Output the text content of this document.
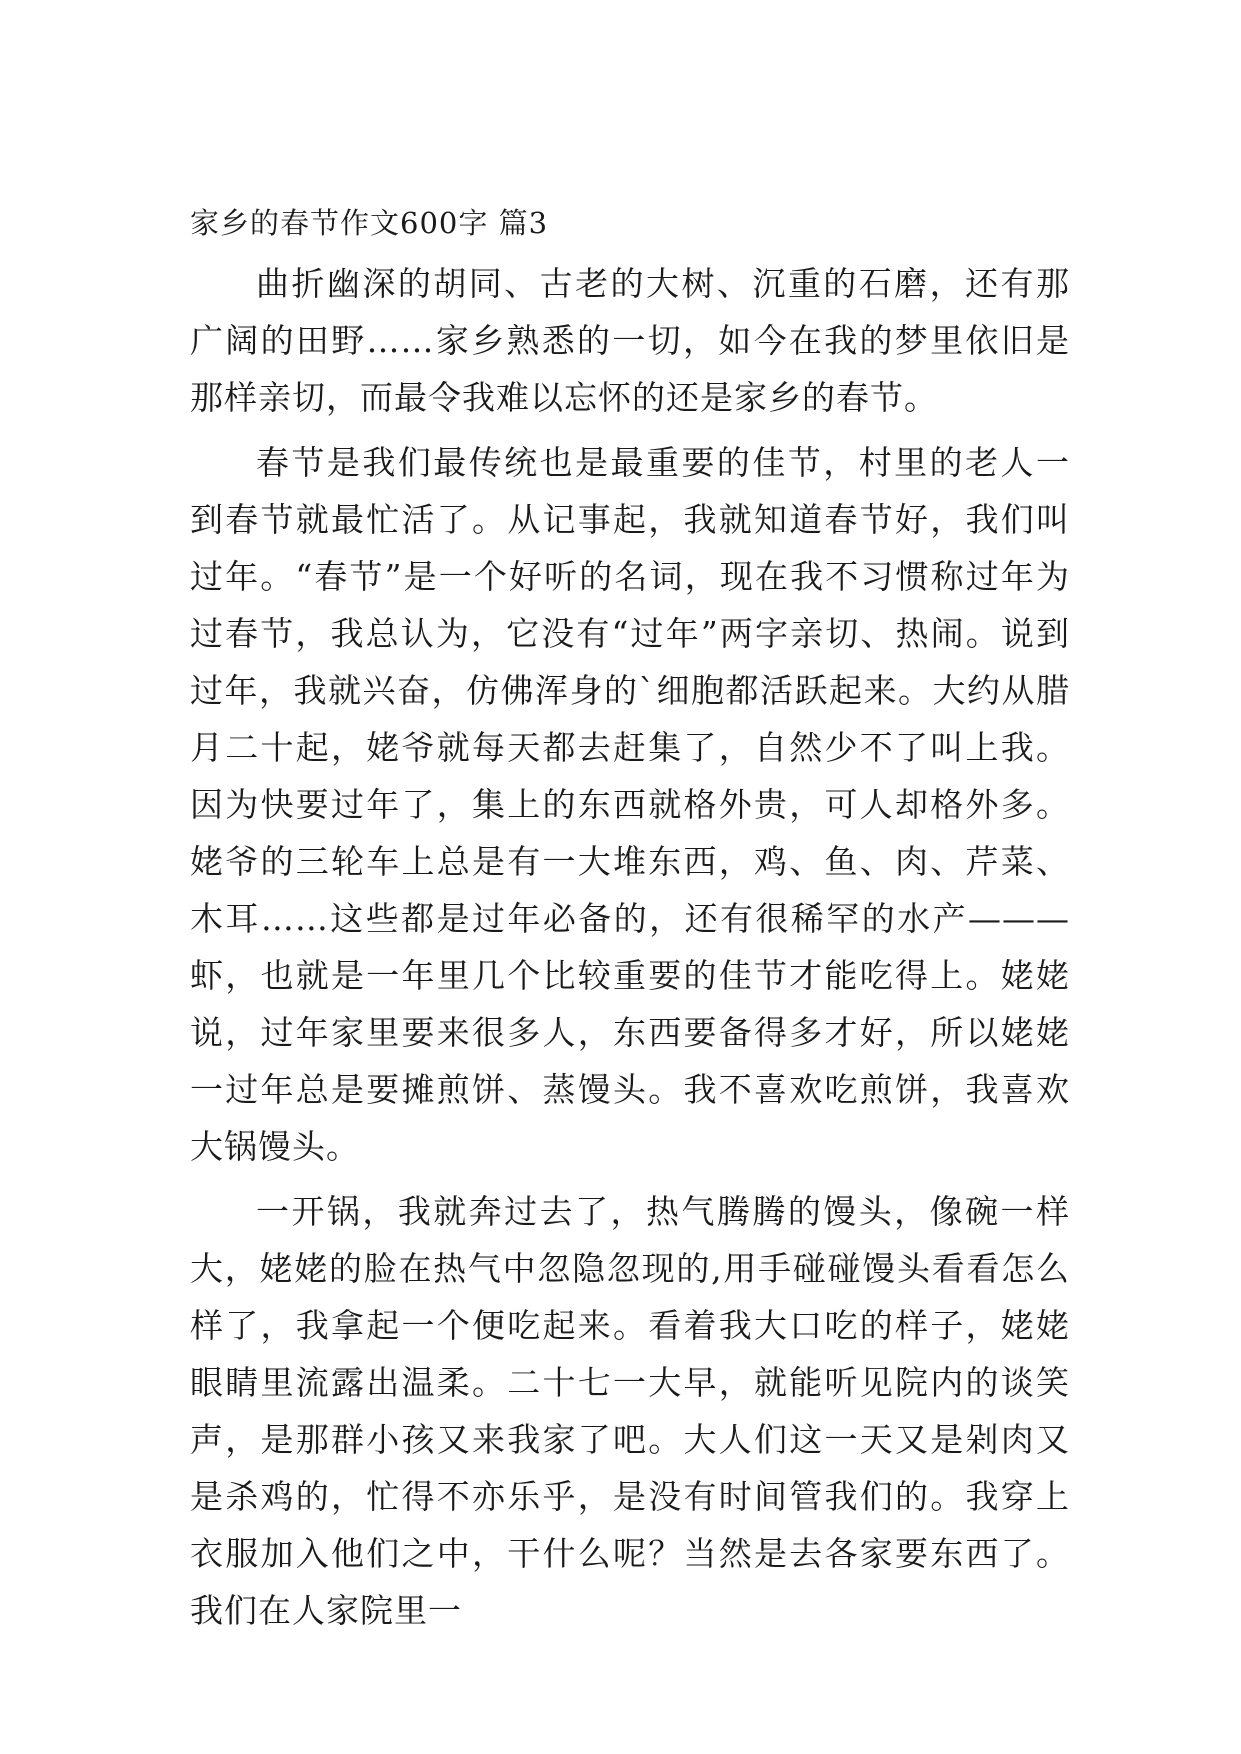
家乡的春节作文600字 篇3

曲折幽深的胡同、古老的大树、沉重的石磨，还有那广阔的田野……家乡熟悉的一切，如今在我的梦里依旧是那样亲切，而最令我难以忘怀的还是家乡的春节。

春节是我们最传统也是最重要的佳节，村里的老人一到春节就最忙活了。从记事起，我就知道春节好，我们叫过年。“春节”是一个好听的名词，现在我不习惯称过年为过春节，我总认为，它没有“过年”两字亲切、热闹。说到过年，我就兴奋，仿佛浑身的`细胞都活跃起来。大约从腊月二十起，姥爷就每天都去赶集了，自然少不了叫上我。因为快要过年了，集上的东西就格外贵，可人却格外多。姥爷的三轮车上总是有一大堆东西，鸡、鱼、肉、芹菜、木耳……这些都是过年必备的，还有很稀罕的水产———虾，也就是一年里几个比较重要的佳节才能吃得上。姥姥说，过年家里要来很多人，东西要备得多才好，所以姥姥一过年总是要摊煎饼、蒸馒头。我不喜欢吃煎饼，我喜欢大锅馒头。

一开锅，我就奔过去了，热气腾腾的馒头，像碗一样大，姥姥的脸在热气中忽隐忽现的,用手碰碰馒头看看怎么样了，我拿起一个便吃起来。看着我大口吃的样子，姥姥眼睛里流露出温柔。二十七一大早，就能听见院内的谈笑声，是那群小孩又来我家了吧。大人们这一天又是剁肉又是杀鸡的，忙得不亦乐乎，是没有时间管我们的。我穿上衣服加入他们之中，干什么呢？当然是去各家要东西了。我们在人家院里一
